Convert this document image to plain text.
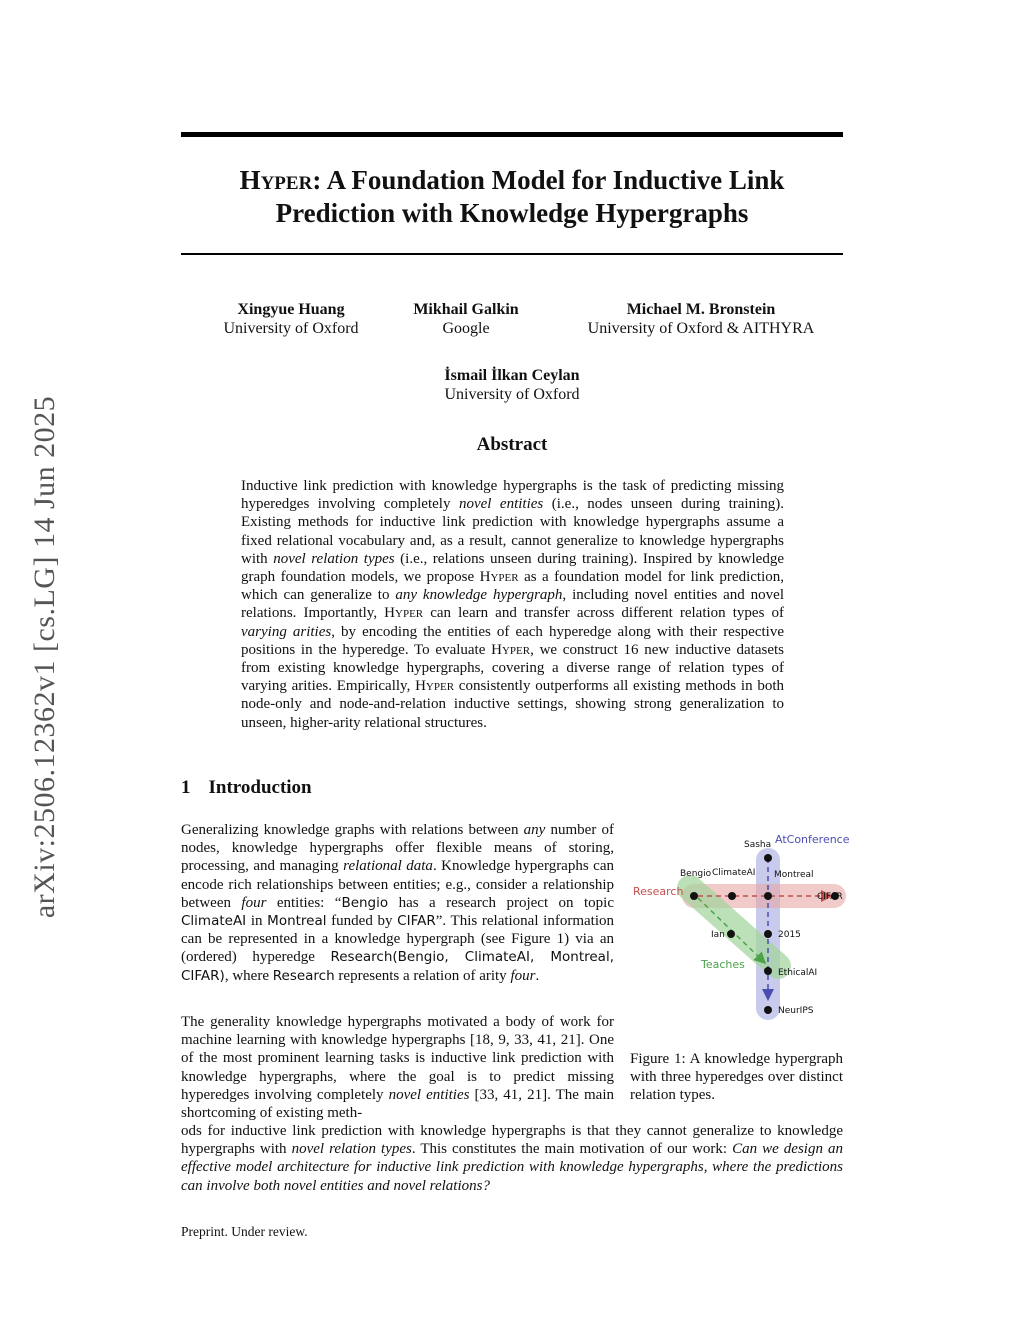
arXiv:2506.12362v1 [cs.LG] 14 Jun 2025
Hyper: A Foundation Model for Inductive Link
Prediction with Knowledge Hypergraphs
Xingyue Huang
University of Oxford
Mikhail Galkin
Google
Michael M. Bronstein
University of Oxford & AITHYRA
İsmail İlkan Ceylan
University of Oxford
Abstract
Inductive link prediction with knowledge hypergraphs is the task of predicting missing hyperedges involving completely novel entities (i.e., nodes unseen during training). Existing methods for inductive link prediction with knowledge hypergraphs assume a fixed relational vocabulary and, as a result, cannot generalize to knowledge hypergraphs with novel relation types (i.e., relations unseen during training). Inspired by knowledge graph foundation models, we propose Hyper as a foundation model for link prediction, which can generalize to any knowledge hypergraph, including novel entities and novel relations. Importantly, Hyper can learn and transfer across different relation types of varying arities, by encoding the entities of each hyperedge along with their respective positions in the hyperedge. To evaluate Hyper, we construct 16 new inductive datasets from existing knowledge hypergraphs, covering a diverse range of relation types of varying arities. Empirically, Hyper consistently outperforms all existing methods in both node-only and node-and-relation inductive settings, showing strong generalization to unseen, higher-arity relational structures.
1 Introduction
Generalizing knowledge graphs with relations between any number of nodes, knowledge hypergraphs offer flexible means of storing, processing, and managing relational data. Knowledge hypergraphs can encode rich relationships between entities; e.g., consider a relationship between four entities: “Bengio has a research project on topic ClimateAI in Montreal funded by CIFAR”. This relational information can be represented in a knowledge hypergraph (see Figure 1) via an (ordered) hyperedge Research(Bengio, ClimateAI, Montreal, CIFAR), where Research represents a relation of arity four.
The generality knowledge hypergraphs motivated a body of work for machine learning with knowledge hypergraphs [18, 9, 33, 41, 21]. One of the most prominent learning tasks is inductive link prediction with knowledge hypergraphs, where the goal is to predict missing hyperedges involving completely novel entities [33, 41, 21]. The main shortcoming of existing meth-
ods for inductive link prediction with knowledge hypergraphs is that they cannot generalize to knowledge hypergraphs with novel relation types. This constitutes the main motivation of our work: Can we design an effective model architecture for inductive link prediction with knowledge hypergraphs, where the predictions can involve both novel entities and novel relations?
Sasha AtConference
Bengio ClimateAI Montreal
Research	CIFAR
Ian	2015
Teaches
EthicalAI
NeurIPS
Figure 1: A knowledge hypergraph with three hyperedges over distinct relation types.
Preprint. Under review.
